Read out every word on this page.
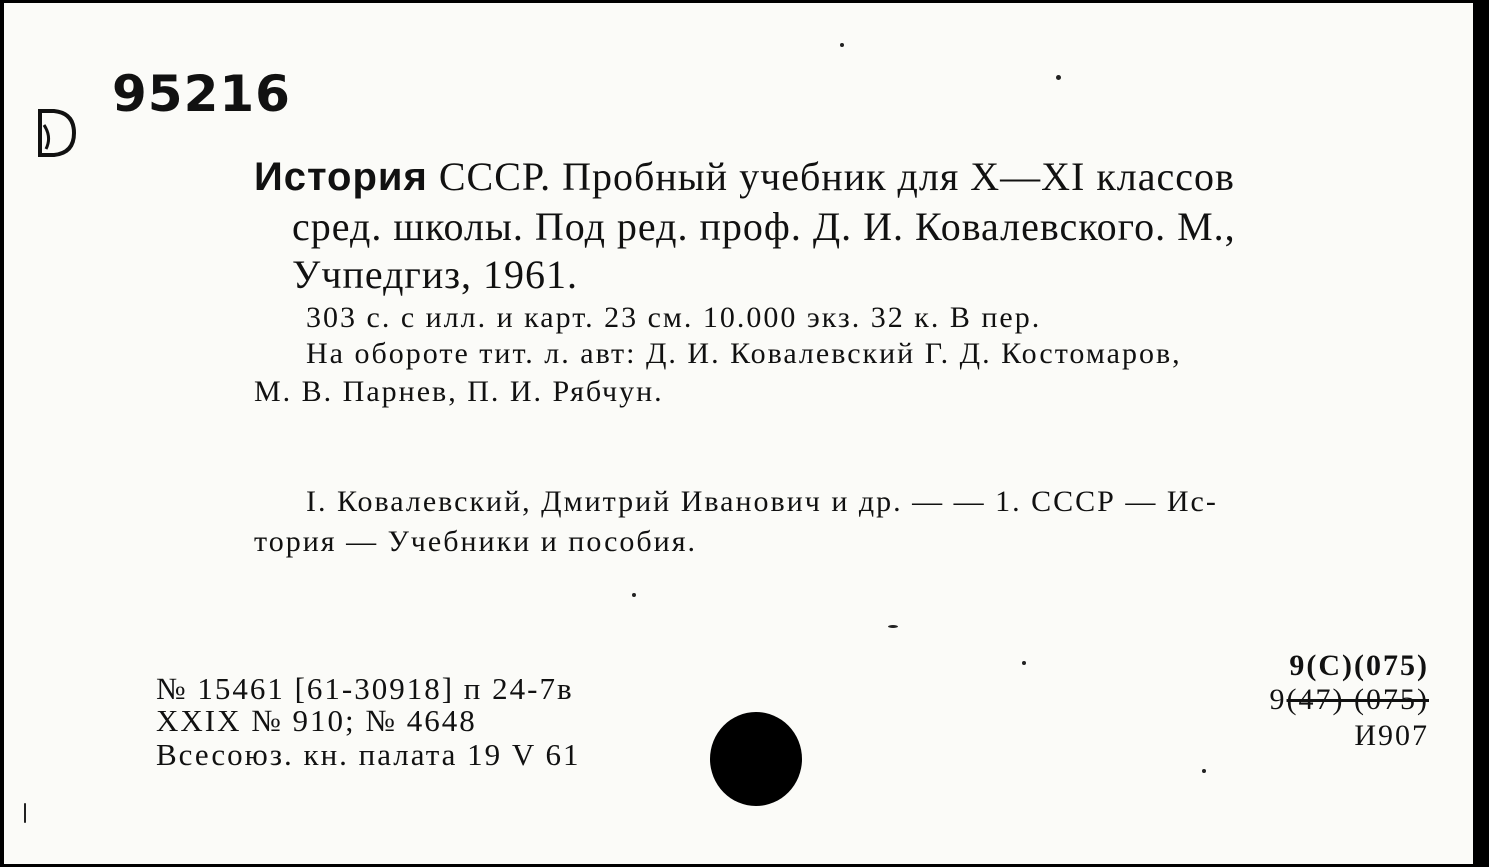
95216
История СССР. Пробный учебник для X—XI классов
сред. школы. Под ред. проф. Д. И. Ковалевского. М.,
Учпедгиз, 1961.
303 с. с илл. и карт. 23 см. 10.000 экз. 32 к. В пер.
На обороте тит. л. авт: Д. И. Ковалевский Г. Д. Костомаров,
М. В. Парнев, П. И. Рябчун.
I. Ковалевский, Дмитрий Иванович и др. — — 1. СССР — Ис-
тория — Учебники и пособия.
№ 15461 [61-30918] п 24-7в
XXIX № 910; № 4648
Всесоюз. кн. палата 19 V 61
9(С)(075)
9(47) (075)
И907
